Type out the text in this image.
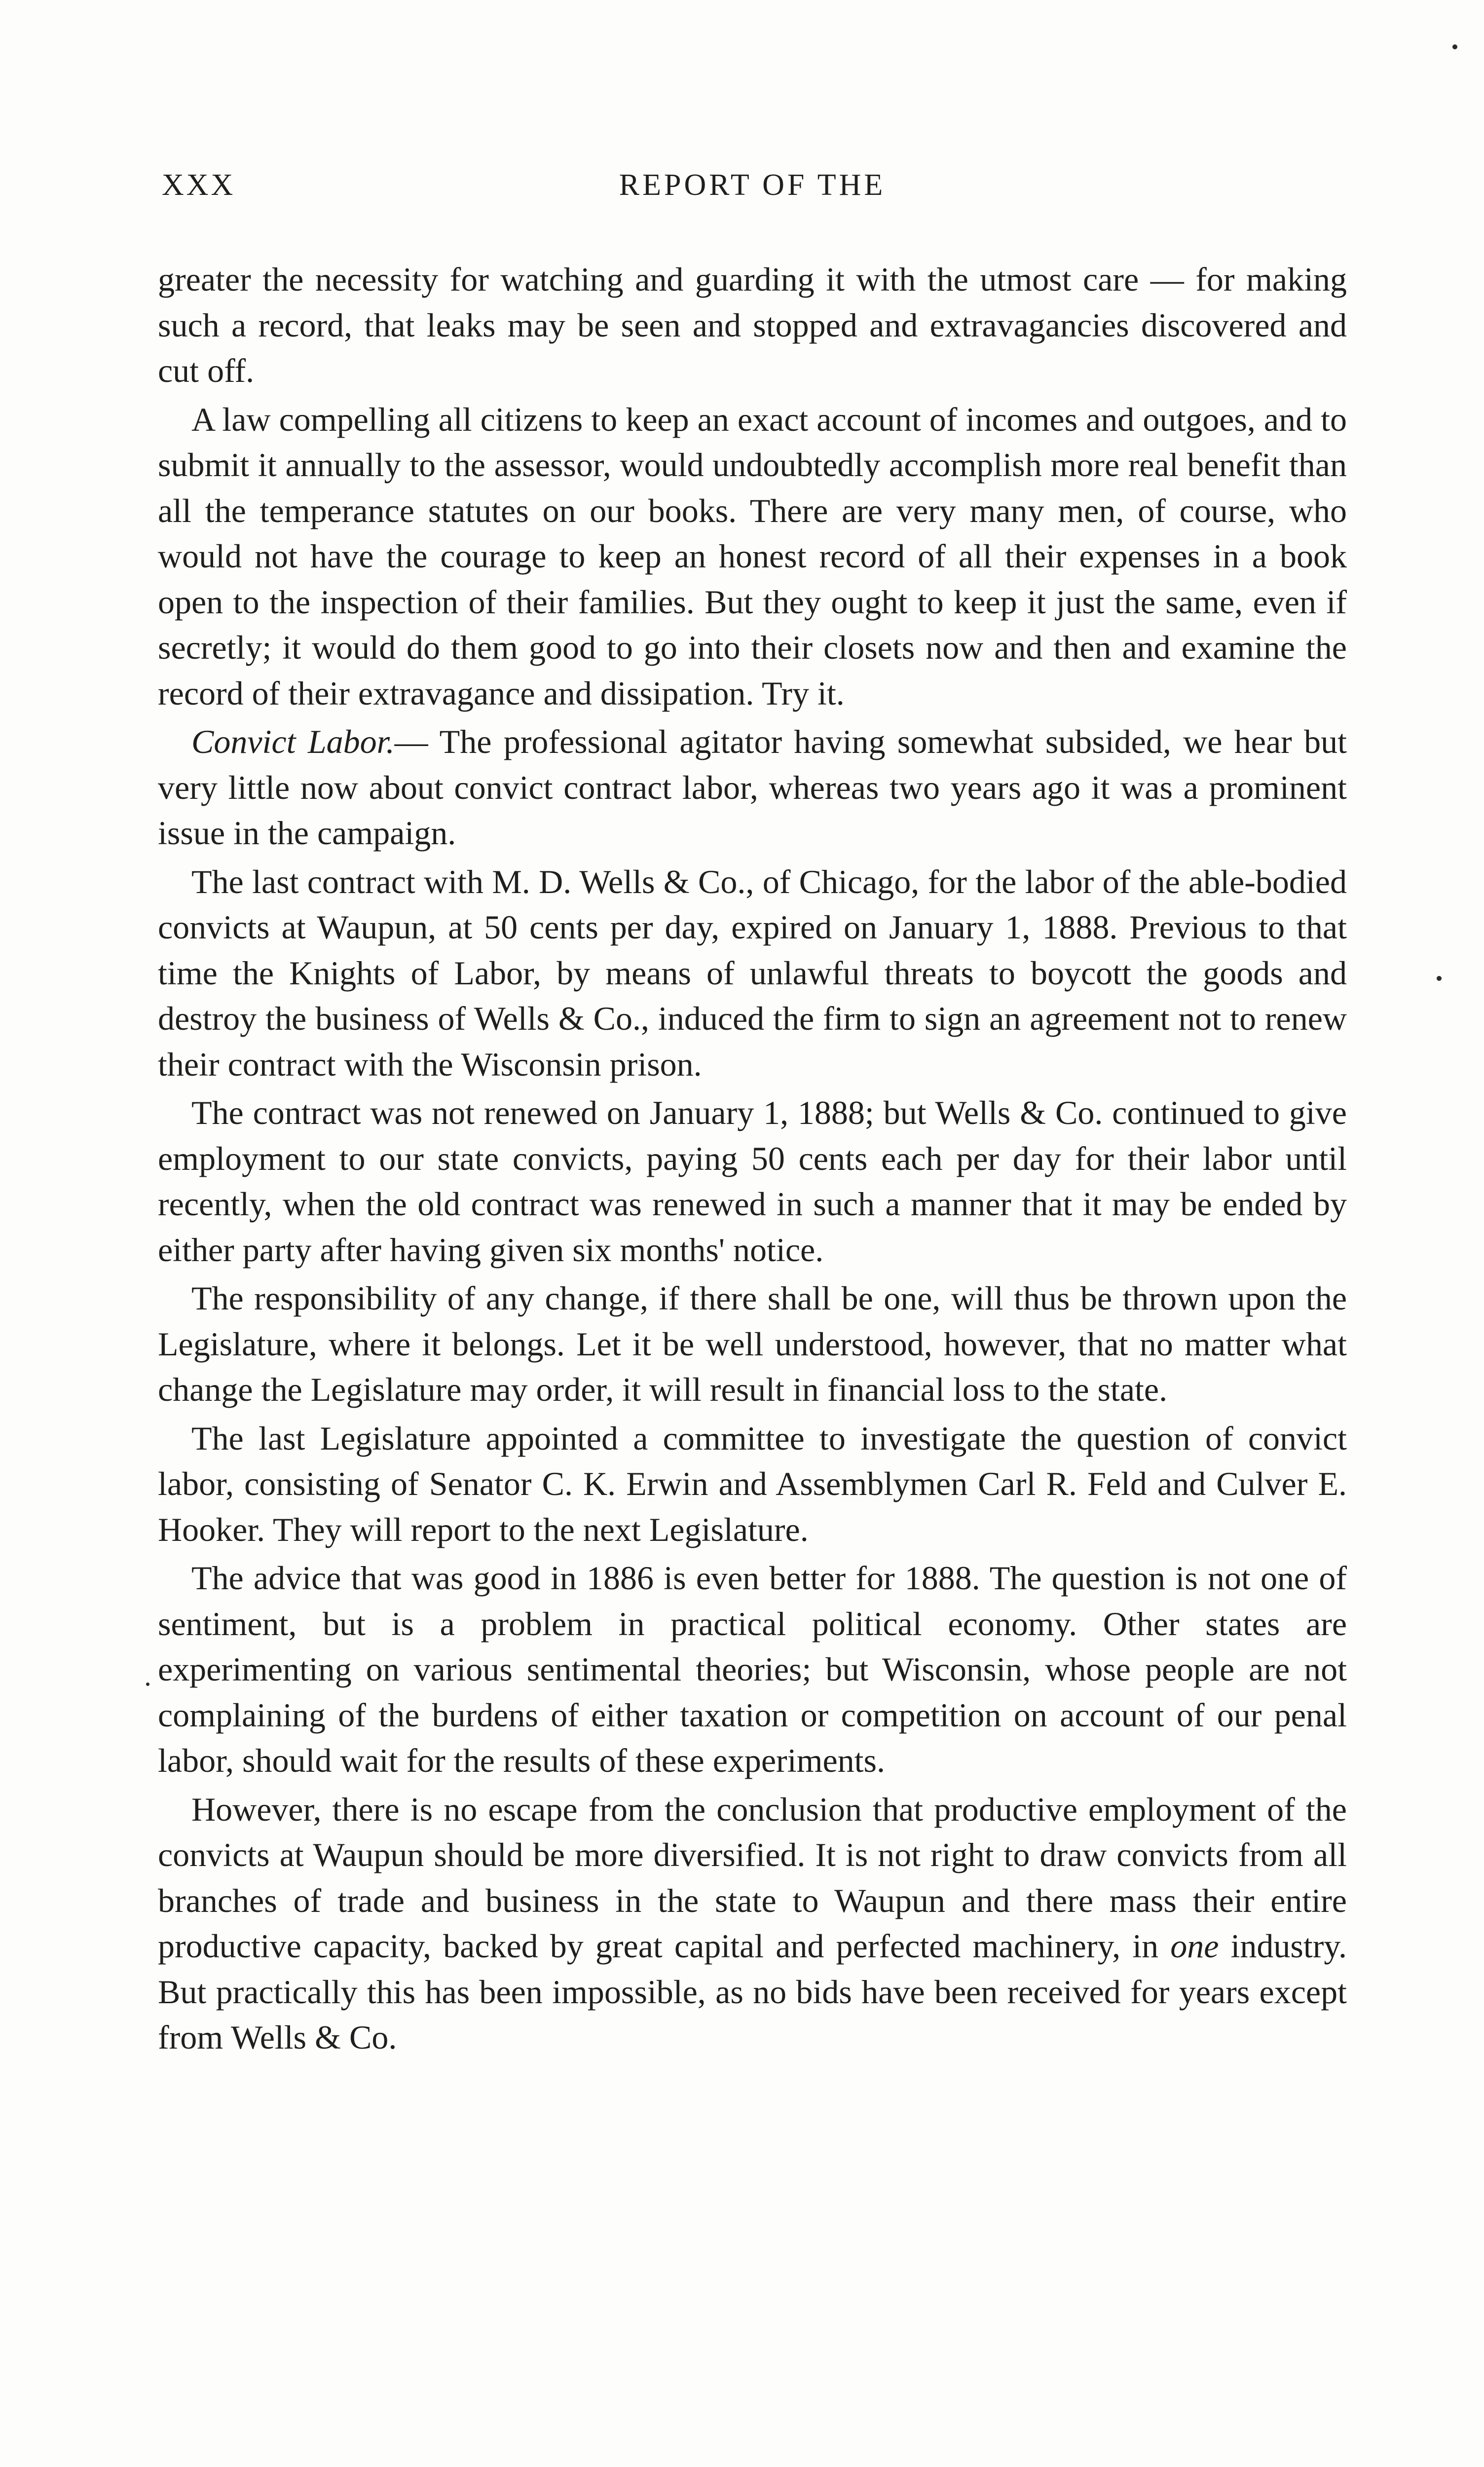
XXX	REPORT OF THE

greater the necessity for watching and guarding it with the utmost care — for making such a record, that leaks may be seen and stopped and extravagancies discovered and cut off.

A law compelling all citizens to keep an exact account of incomes and outgoes, and to submit it annually to the assessor, would undoubtedly accomplish more real benefit than all the temperance statutes on our books. There are very many men, of course, who would not have the courage to keep an honest record of all their expenses in a book open to the inspection of their families. But they ought to keep it just the same, even if secretly; it would do them good to go into their closets now and then and examine the record of their extravagance and dissipation. Try it.

Convict Labor.— The professional agitator having somewhat subsided, we hear but very little now about convict contract labor, whereas two years ago it was a prominent issue in the campaign.

The last contract with M. D. Wells & Co., of Chicago, for the labor of the able-bodied convicts at Waupun, at 50 cents per day, expired on January 1, 1888. Previous to that time the Knights of Labor, by means of unlawful threats to boycott the goods and destroy the business of Wells & Co., induced the firm to sign an agreement not to renew their contract with the Wisconsin prison.

The contract was not renewed on January 1, 1888; but Wells & Co. continued to give employment to our state convicts, paying 50 cents each per day for their labor until recently, when the old contract was renewed in such a manner that it may be ended by either party after having given six months' notice.

The responsibility of any change, if there shall be one, will thus be thrown upon the Legislature, where it belongs. Let it be well understood, however, that no matter what change the Legislature may order, it will result in financial loss to the state.

The last Legislature appointed a committee to investigate the question of convict labor, consisting of Senator C. K. Erwin and Assemblymen Carl R. Feld and Culver E. Hooker. They will report to the next Legislature.

The advice that was good in 1886 is even better for 1888. The question is not one of sentiment, but is a problem in practical political economy. Other states are experimenting on various sentimental theories; but Wisconsin, whose people are not complaining of the burdens of either taxation or competition on account of our penal labor, should wait for the results of these experiments.

However, there is no escape from the conclusion that productive employment of the convicts at Waupun should be more diversified. It is not right to draw convicts from all branches of trade and business in the state to Waupun and there mass their entire productive capacity, backed by great capital and perfected machinery, in one industry. But practically this has been impossible, as no bids have been received for years except from Wells & Co.
